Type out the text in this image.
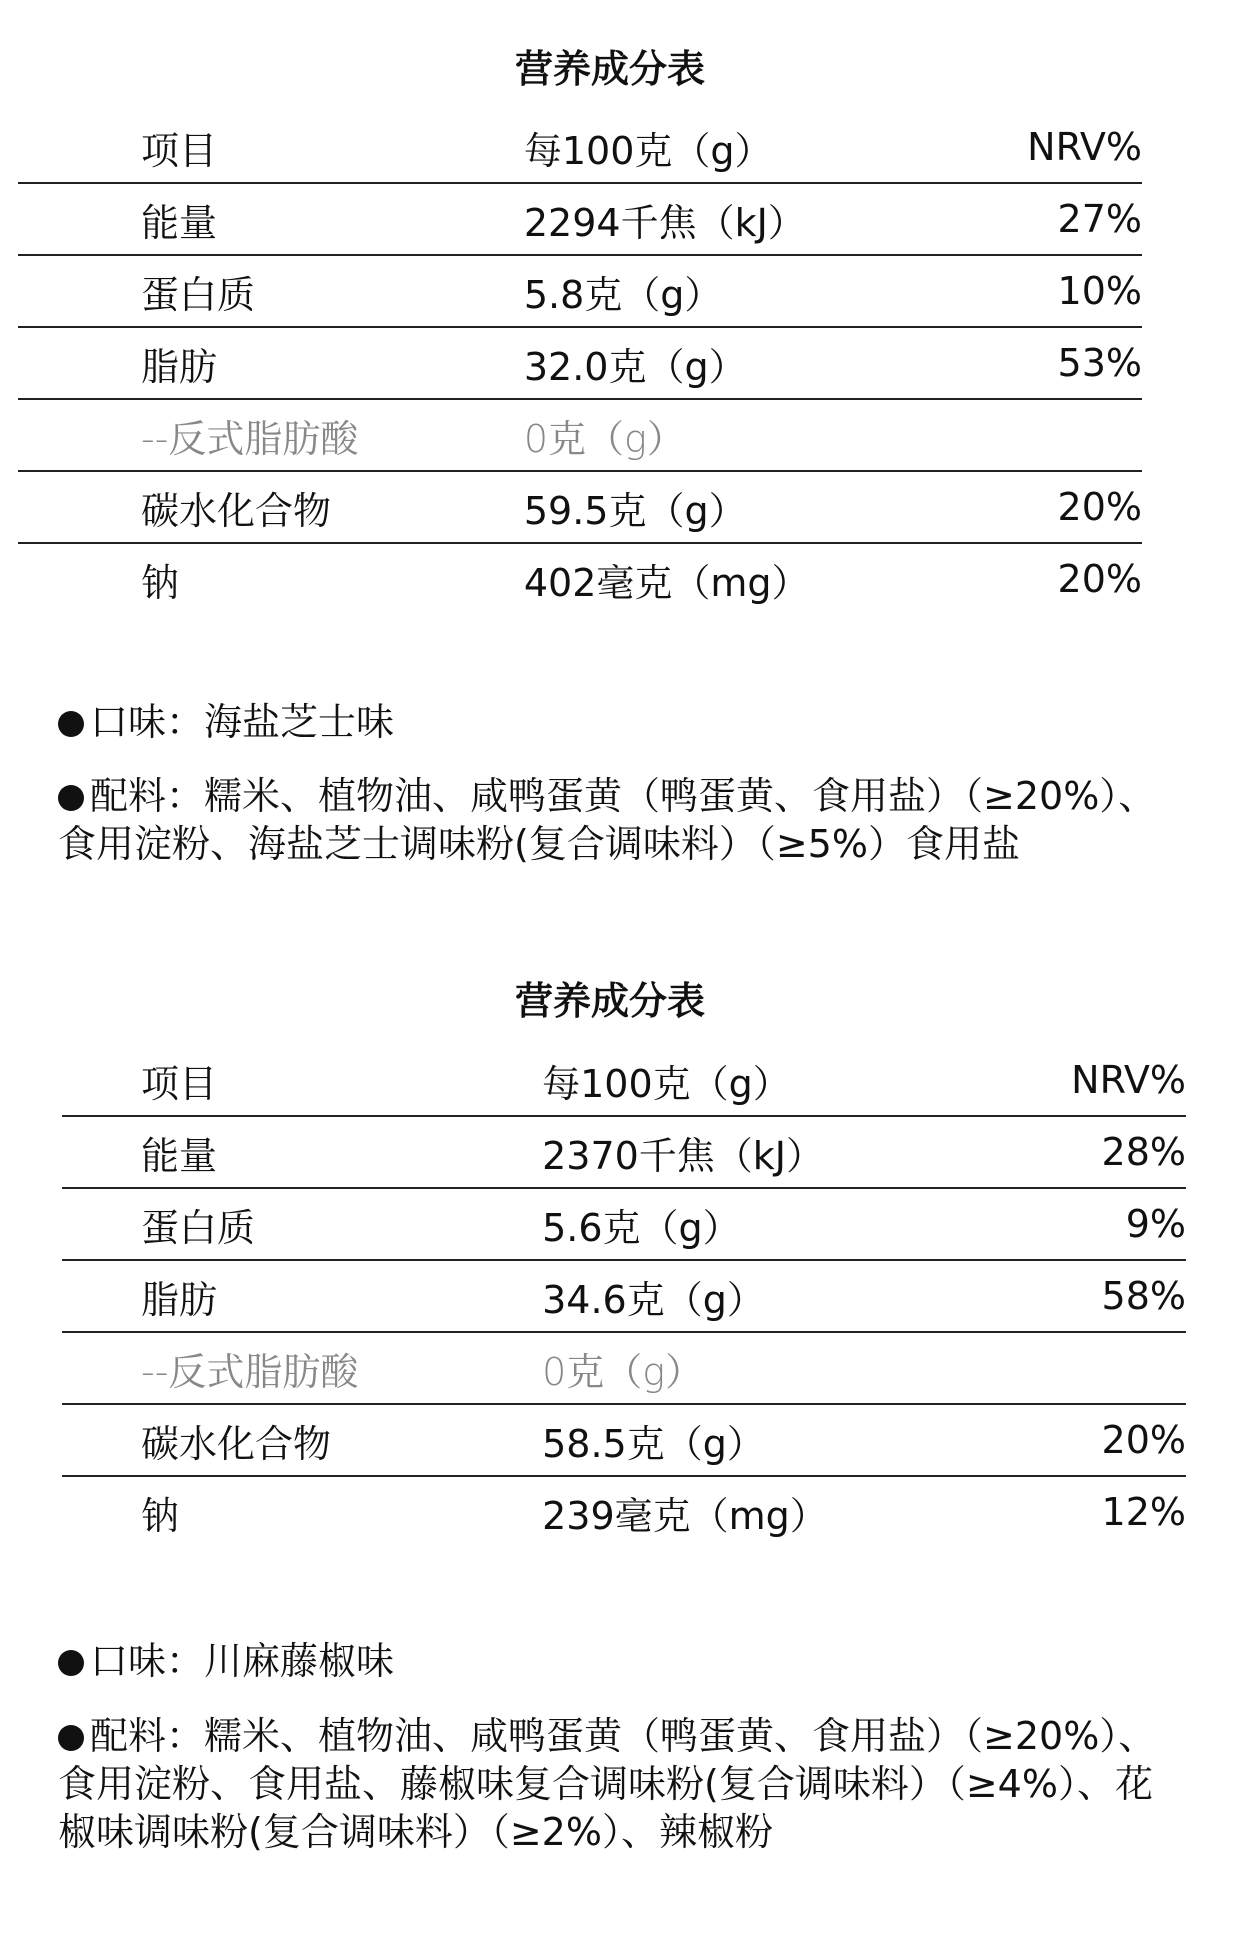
营养成分表
项目	每100克（g）	NRV%
能量	2294千焦（kJ）	27%
蛋白质	5.8克（g）	10%
脂肪	32.0克（g）	53%
--反式脂肪酸	0克（g）	
碳水化合物	59.5克（g）	20%
钠	402毫克（mg）	20%
口味：海盐芝士味
配料：糯米、植物油、咸鸭蛋黄（鸭蛋黄、食用盐）（≥20%）、食用淀粉、海盐芝士调味粉(复合调味料）（≥5%）食用盐
营养成分表
项目	每100克（g）	NRV%
能量	2370千焦（kJ）	28%
蛋白质	5.6克（g）	9%
脂肪	34.6克（g）	58%
--反式脂肪酸	0克（g）	
碳水化合物	58.5克（g）	20%
钠	239毫克（mg）	12%
口味：川麻藤椒味
配料：糯米、植物油、咸鸭蛋黄（鸭蛋黄、食用盐）（≥20%）、食用淀粉、食用盐、藤椒味复合调味粉(复合调味料）（≥4%）、花椒味调味粉(复合调味料）（≥2%）、辣椒粉
